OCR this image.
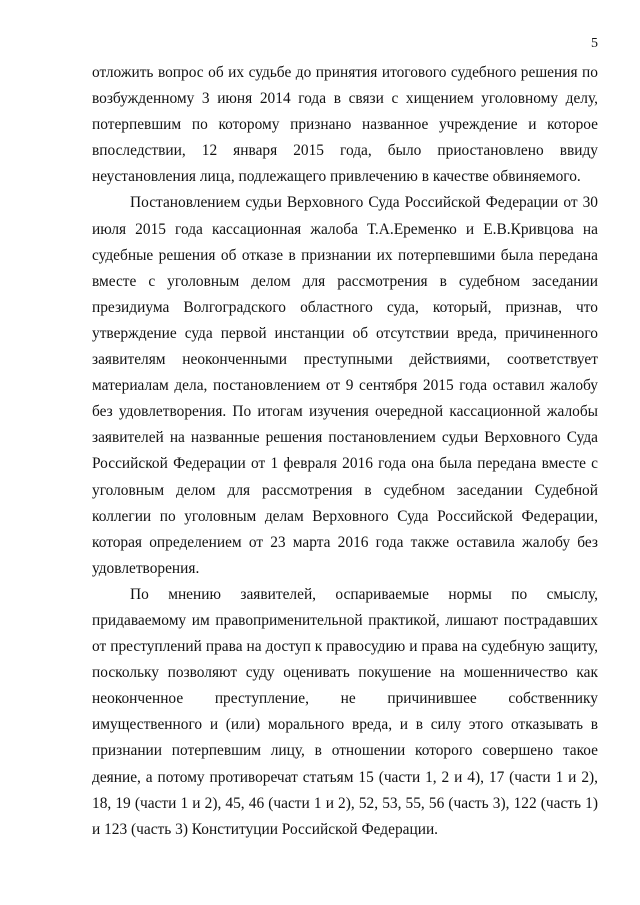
5

отложить вопрос об их судьбе до принятия итогового судебного решения по возбужденному 3 июня 2014 года в связи с хищением уголовному делу, потерпевшим по которому признано названное учреждение и которое впоследствии, 12 января 2015 года, было приостановлено ввиду неустановления лица, подлежащего привлечению в качестве обвиняемого.

Постановлением судьи Верховного Суда Российской Федерации от 30 июля 2015 года кассационная жалоба Т.А.Еременко и Е.В.Кривцова на судебные решения об отказе в признании их потерпевшими была передана вместе с уголовным делом для рассмотрения в судебном заседании президиума Волгоградского областного суда, который, признав, что утверждение суда первой инстанции об отсутствии вреда, причиненного заявителям неоконченными преступными действиями, соответствует материалам дела, постановлением от 9 сентября 2015 года оставил жалобу без удовлетворения. По итогам изучения очередной кассационной жалобы заявителей на названные решения постановлением судьи Верховного Суда Российской Федерации от 1 февраля 2016 года она была передана вместе с уголовным делом для рассмотрения в судебном заседании Судебной коллегии по уголовным делам Верховного Суда Российской Федерации, которая определением от 23 марта 2016 года также оставила жалобу без удовлетворения.

По мнению заявителей, оспариваемые нормы по смыслу, придаваемому им правоприменительной практикой, лишают пострадавших от преступлений права на доступ к правосудию и права на судебную защиту, поскольку позволяют суду оценивать покушение на мошенничество как неоконченное преступление, не причинившее собственнику имущественного и (или) морального вреда, и в силу этого отказывать в признании потерпевшим лицу, в отношении которого совершено такое деяние, а потому противоречат статьям 15 (части 1, 2 и 4), 17 (части 1 и 2), 18, 19 (части 1 и 2), 45, 46 (части 1 и 2), 52, 53, 55, 56 (часть 3), 122 (часть 1) и 123 (часть 3) Конституции Российской Федерации.
